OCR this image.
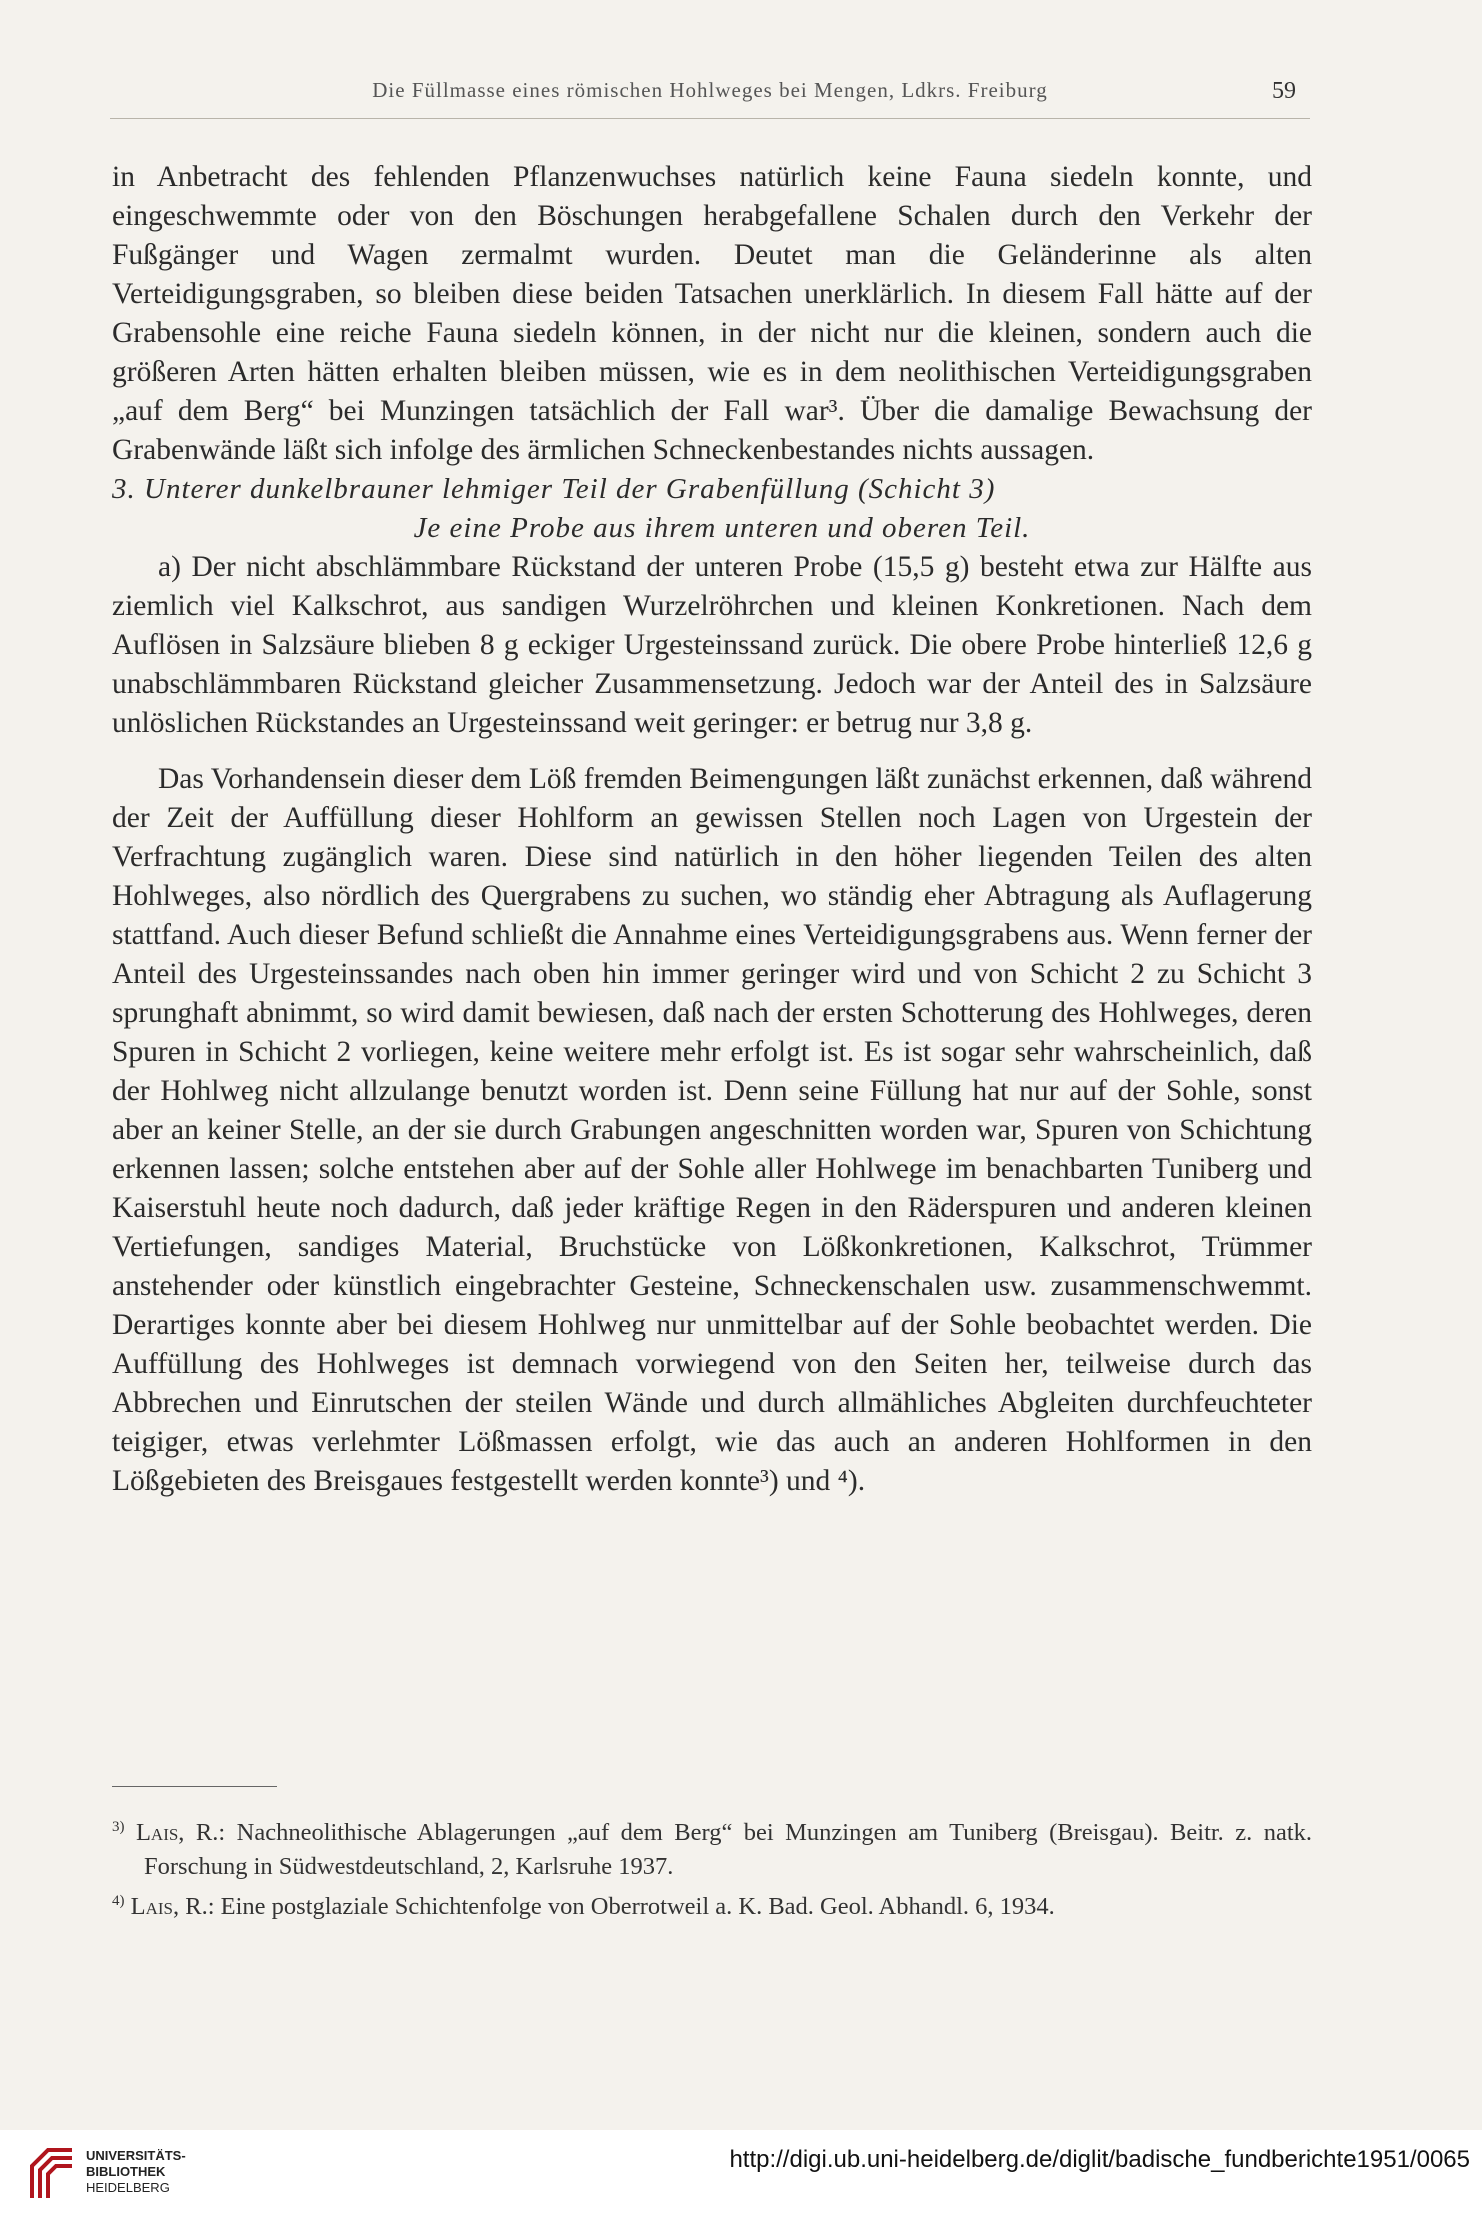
Die Füllmasse eines römischen Hohlweges bei Mengen, Ldkrs. Freiburg	59

in Anbetracht des fehlenden Pflanzenwuchses natürlich keine Fauna siedeln konnte, und eingeschwemmte oder von den Böschungen herabgefallene Schalen durch den Verkehr der Fußgänger und Wagen zermalmt wurden. Deutet man die Geländerinne als alten Verteidigungsgraben, so bleiben diese beiden Tatsachen unerklärlich. In diesem Fall hätte auf der Grabensohle eine reiche Fauna siedeln können, in der nicht nur die kleinen, sondern auch die größeren Arten hätten erhalten bleiben müssen, wie es in dem neolithischen Verteidigungsgraben „auf dem Berg“ bei Munzingen tatsächlich der Fall war³. Über die damalige Bewachsung der Grabenwände läßt sich infolge des ärmlichen Schneckenbestandes nichts aussagen.

3. Unterer dunkelbrauner lehmiger Teil der Grabenfüllung (Schicht 3)

Je eine Probe aus ihrem unteren und oberen Teil.

a) Der nicht abschlämmbare Rückstand der unteren Probe (15,5 g) besteht etwa zur Hälfte aus ziemlich viel Kalkschrot, aus sandigen Wurzelröhrchen und kleinen Konkretionen. Nach dem Auflösen in Salzsäure blieben 8 g eckiger Urgesteinssand zurück. Die obere Probe hinterließ 12,6 g unabschlämmbaren Rückstand gleicher Zusammensetzung. Jedoch war der Anteil des in Salzsäure unlöslichen Rückstandes an Urgesteinssand weit geringer: er betrug nur 3,8 g.

Das Vorhandensein dieser dem Löß fremden Beimengungen läßt zunächst erkennen, daß während der Zeit der Auffüllung dieser Hohlform an gewissen Stellen noch Lagen von Urgestein der Verfrachtung zugänglich waren. Diese sind natürlich in den höher liegenden Teilen des alten Hohlweges, also nördlich des Quergrabens zu suchen, wo ständig eher Abtragung als Auflagerung stattfand. Auch dieser Befund schließt die Annahme eines Verteidigungsgrabens aus. Wenn ferner der Anteil des Urgesteinssandes nach oben hin immer geringer wird und von Schicht 2 zu Schicht 3 sprunghaft abnimmt, so wird damit bewiesen, daß nach der ersten Schotterung des Hohlweges, deren Spuren in Schicht 2 vorliegen, keine weitere mehr erfolgt ist. Es ist sogar sehr wahrscheinlich, daß der Hohlweg nicht allzulange benutzt worden ist. Denn seine Füllung hat nur auf der Sohle, sonst aber an keiner Stelle, an der sie durch Grabungen angeschnitten worden war, Spuren von Schichtung erkennen lassen; solche entstehen aber auf der Sohle aller Hohlwege im benachbarten Tuniberg und Kaiserstuhl heute noch dadurch, daß jeder kräftige Regen in den Räderspuren und anderen kleinen Vertiefungen, sandiges Material, Bruchstücke von Lößkonkretionen, Kalkschrot, Trümmer anstehender oder künstlich eingebrachter Gesteine, Schneckenschalen usw. zusammenschwemmt. Derartiges konnte aber bei diesem Hohlweg nur unmittelbar auf der Sohle beobachtet werden. Die Auffüllung des Hohlweges ist demnach vorwiegend von den Seiten her, teilweise durch das Abbrechen und Einrutschen der steilen Wände und durch allmähliches Abgleiten durchfeuchteter teigiger, etwas verlehmter Lößmassen erfolgt, wie das auch an anderen Hohlformen in den Lößgebieten des Breisgaues festgestellt werden konnte³) und ⁴).

$^{3)}$ Lais, R.: Nachneolithische Ablagerungen „auf dem Berg“ bei Munzingen am Tuniberg (Breisgau). Beitr. z. natk. Forschung in Südwestdeutschland, 2, Karlsruhe 1937.

$^{4)}$ Lais, R.: Eine postglaziale Schichtenfolge von Oberrotweil a. K. Bad. Geol. Abhandl. 6, 1934.

UNIVERSITÄTS-
BIBLIOTHEK
HEIDELBERG
http://digi.ub.uni-heidelberg.de/diglit/badische_fundberichte1951/0065
